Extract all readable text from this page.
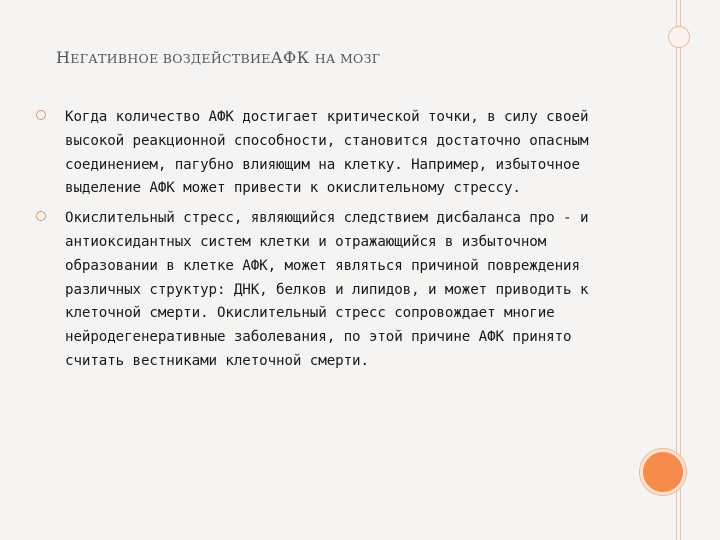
НЕГАТИВНОЕ ВОЗДЕЙСТВИЕАФК НА МОЗГ
Когда количество АФК достигает критической точки, в силу своей высокой реакционной способности, становится достаточно опасным соединением, пагубно влияющим на клетку. Например, избыточное выделение АФК может привести к окислительному стрессу.
Окислительный стресс, являющийся следствием дисбаланса про - и антиоксидантных систем клетки и отражающийся в избыточном образовании в клетке АФК, может являться причиной повреждения различных структур: ДНК, белков и липидов, и может приводить к клеточной смерти. Окислительный стресс сопровождает многие нейродегенеративные заболевания, по этой причине АФК принято считать вестниками клеточной смерти.
